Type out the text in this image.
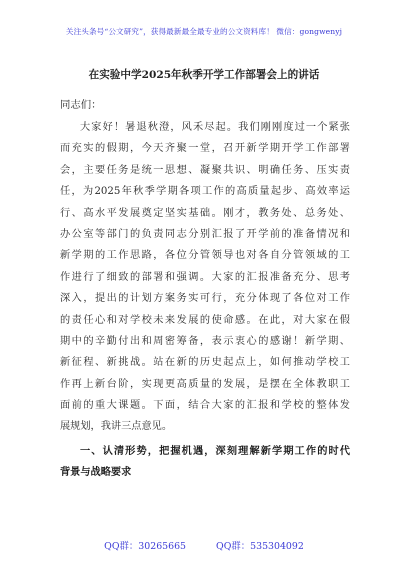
关注头条号“公文研究”，获得最新最全最专业的公文资料库！ 微信：gongwenyj
在实验中学2025年秋季开学工作部署会上的讲话
同志们：
大家好！暑退秋澄，风禾尽起。我们刚刚度过一个紧张
而充实的假期，今天齐聚一堂，召开新学期开学工作部署
会，主要任务是统一思想、凝聚共识、明确任务、压实责
任，为2025年秋季学期各项工作的高质量起步、高效率运
行、高水平发展奠定坚实基础。刚才，教务处、总务处、
办公室等部门的负责同志分别汇报了开学前的准备情况和
新学期的工作思路，各位分管领导也对各自分管领域的工
作进行了细致的部署和强调。大家的汇报准备充分、思考
深入，提出的计划方案务实可行，充分体现了各位对工作
的责任心和对学校未来发展的使命感。在此，对大家在假
期中的辛勤付出和周密筹备，表示衷心的感谢！新学期、
新征程、新挑战。站在新的历史起点上，如何推动学校工
作再上新台阶，实现更高质量的发展，是摆在全体教职工
面前的重大课题。下面，结合大家的汇报和学校的整体发
展规划，我讲三点意见。
一、认清形势，把握机遇，深刻理解新学期工作的时代
背景与战略要求
QQ群：30265665	QQ群：535304092
